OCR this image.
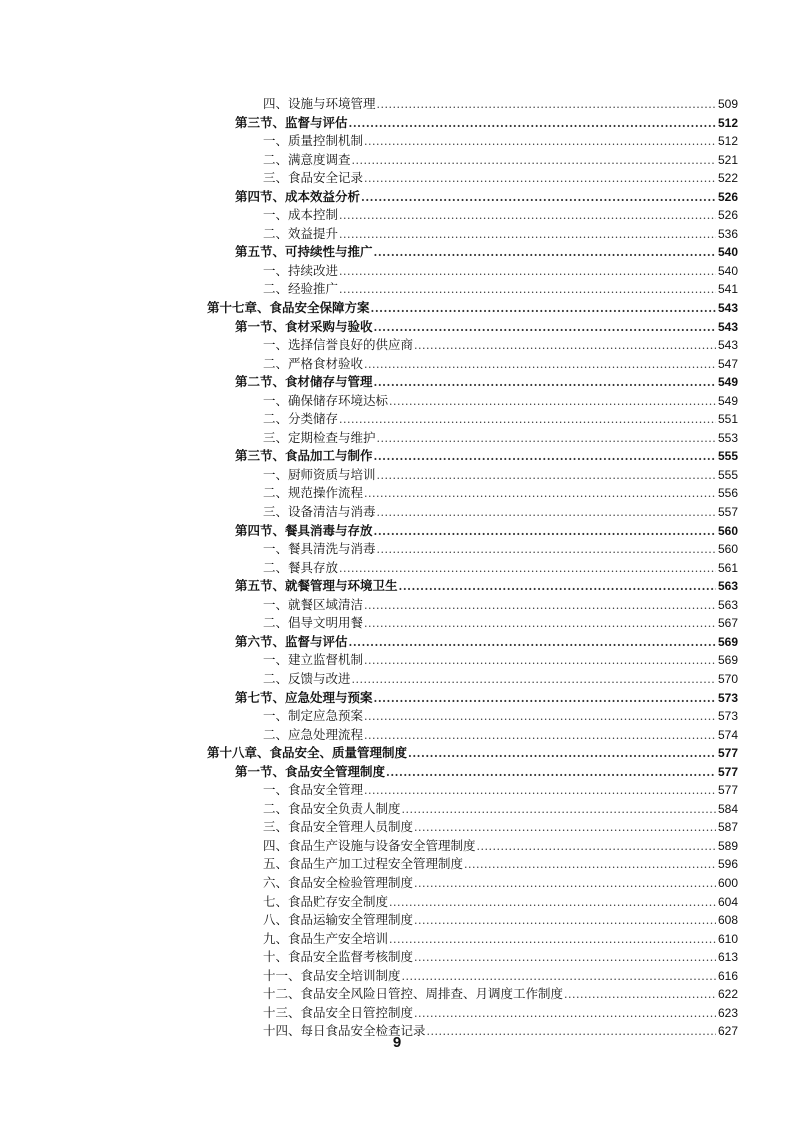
四、设施与环境管理 .....	509
第三节、监督与评估 .....	512
一、质量控制机制 .....	512
二、满意度调查 .....	521
三、食品安全记录 .....	522
第四节、成本效益分析 .....	526
一、成本控制 .....	526
二、效益提升 .....	536
第五节、可持续性与推广 .....	540
一、持续改进 .....	540
二、经验推广 .....	541
第十七章、食品安全保障方案 .....	543
第一节、食材采购与验收 .....	543
一、选择信誉良好的供应商 .....	543
二、严格食材验收 .....	547
第二节、食材储存与管理 .....	549
一、确保储存环境达标 .....	549
二、分类储存 .....	551
三、定期检查与维护 .....	553
第三节、食品加工与制作 .....	555
一、厨师资质与培训 .....	555
二、规范操作流程 .....	556
三、设备清洁与消毒 .....	557
第四节、餐具消毒与存放 .....	560
一、餐具清洗与消毒 .....	560
二、餐具存放 .....	561
第五节、就餐管理与环境卫生 .....	563
一、就餐区域清洁 .....	563
二、倡导文明用餐 .....	567
第六节、监督与评估 .....	569
一、建立监督机制 .....	569
二、反馈与改进 .....	570
第七节、应急处理与预案 .....	573
一、制定应急预案 .....	573
二、应急处理流程 .....	574
第十八章、食品安全、质量管理制度 .....	577
第一节、食品安全管理制度 .....	577
一、食品安全管理 .....	577
二、食品安全负责人制度 .....	584
三、食品安全管理人员制度 .....	587
四、食品生产设施与设备安全管理制度 .....	589
五、食品生产加工过程安全管理制度 .....	596
六、食品安全检验管理制度 .....	600
七、食品贮存安全制度 .....	604
八、食品运输安全管理制度 .....	608
九、食品生产安全培训 .....	610
十、食品安全监督考核制度 .....	613
十一、食品安全培训制度 .....	616
十二、食品安全风险日管控、周排查、月调度工作制度 .....	622
十三、食品安全日管控制度 .....	623
十四、每日食品安全检查记录 .....	627
9
